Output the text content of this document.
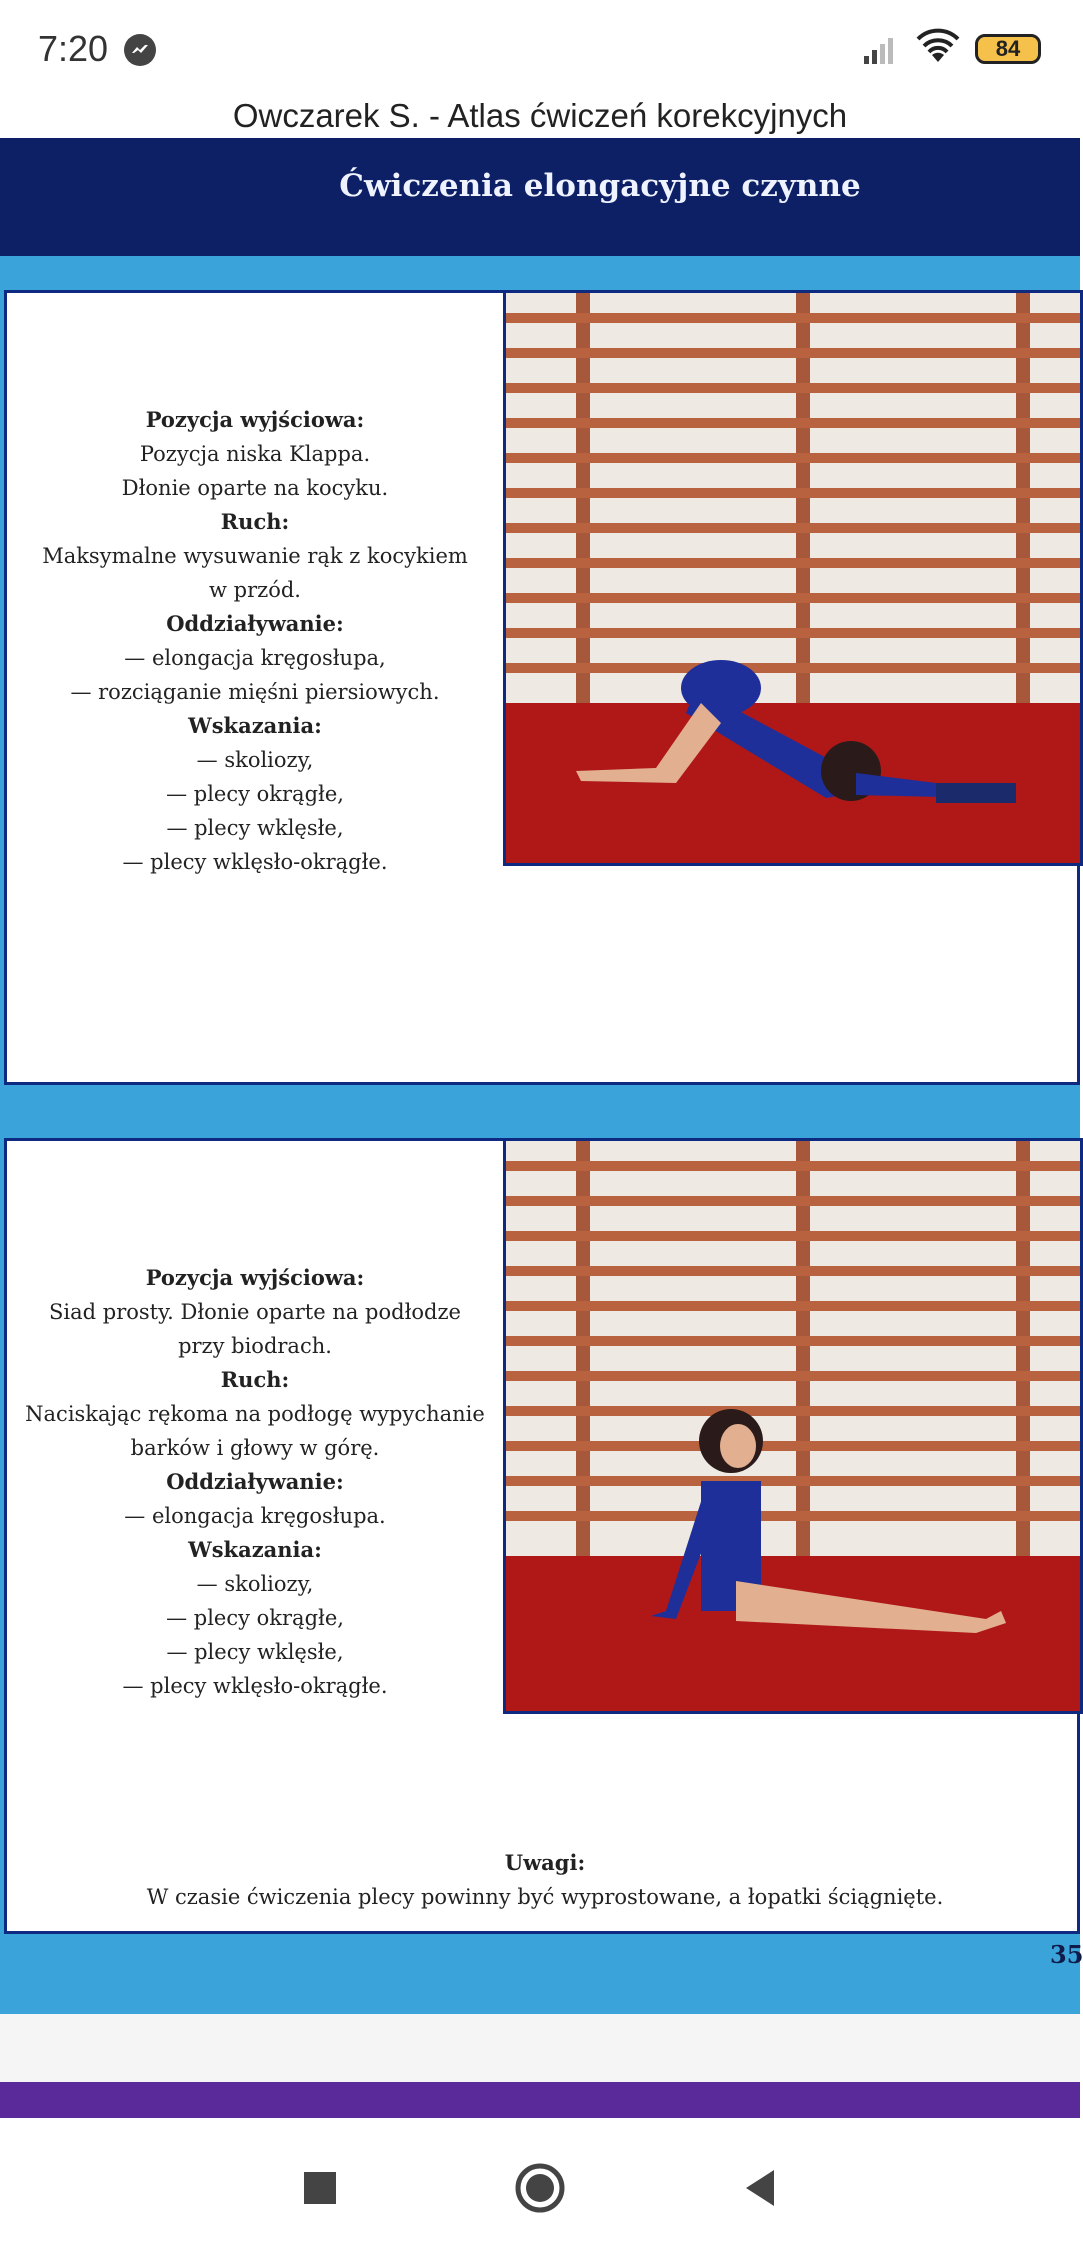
7:20	84
Owczarek S. - Atlas ćwiczeń korekcyjnych
Ćwiczenia elongacyjne czynne
Pozycja wyjściowa:
Pozycja niska Klappa.
Dłonie oparte na kocyku.
Ruch:
Maksymalne wysuwanie rąk z kocykiem
w przód.
Oddziaływanie:
— elongacja kręgosłupa,
— rozciąganie mięśni piersiowych.
Wskazania:
— skoliozy,
— plecy okrągłe,
— plecy wklęsłe,
— plecy wklęsło-okrągłe.
Pozycja wyjściowa:
Siad prosty. Dłonie oparte na podłodze
przy biodrach.
Ruch:
Naciskając rękoma na podłogę wypychanie
barków i głowy w górę.
Oddziaływanie:
— elongacja kręgosłupa.
Wskazania:
— skoliozy,
— plecy okrągłe,
— plecy wklęsłe,
— plecy wklęsło-okrągłe.
Uwagi:
W czasie ćwiczenia plecy powinny być wyprostowane, a łopatki ściągnięte.
35
